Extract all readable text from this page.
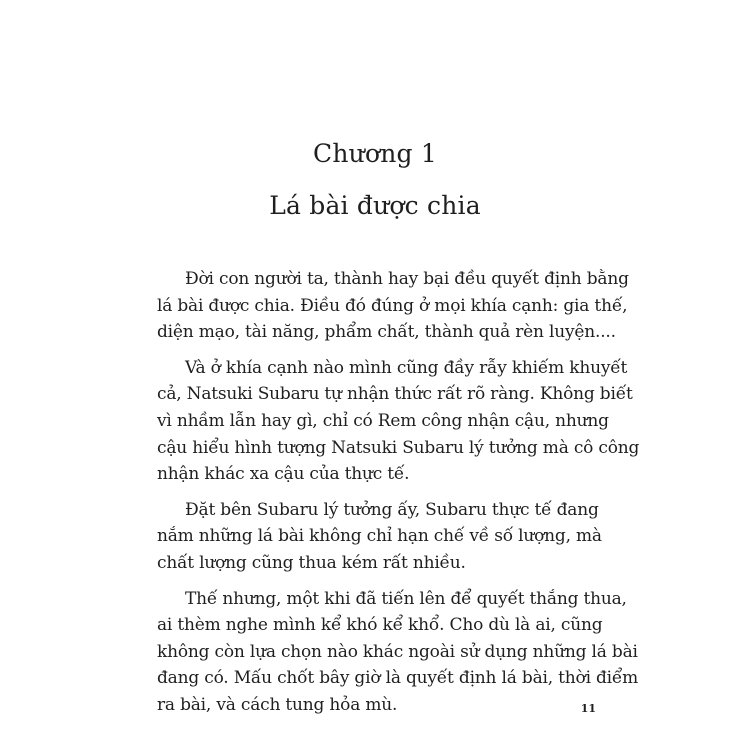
Chương 1
Lá bài được chia
Đời con người ta, thành hay bại đều quyết định bằng
lá bài được chia. Điều đó đúng ở mọi khía cạnh: gia thế,
diện mạo, tài năng, phẩm chất, thành quả rèn luyện....
Và ở khía cạnh nào mình cũng đầy rẫy khiếm khuyết
cả, Natsuki Subaru tự nhận thức rất rõ ràng. Không biết
vì nhầm lẫn hay gì, chỉ có Rem công nhận cậu, nhưng
cậu hiểu hình tượng Natsuki Subaru lý tưởng mà cô công
nhận khác xa cậu của thực tế.
Đặt bên Subaru lý tưởng ấy, Subaru thực tế đang
nắm những lá bài không chỉ hạn chế về số lượng, mà
chất lượng cũng thua kém rất nhiều.
Thế nhưng, một khi đã tiến lên để quyết thắng thua,
ai thèm nghe mình kể khó kể khổ. Cho dù là ai, cũng
không còn lựa chọn nào khác ngoài sử dụng những lá bài
đang có. Mấu chốt bây giờ là quyết định lá bài, thời điểm
ra bài, và cách tung hỏa mù.	11
